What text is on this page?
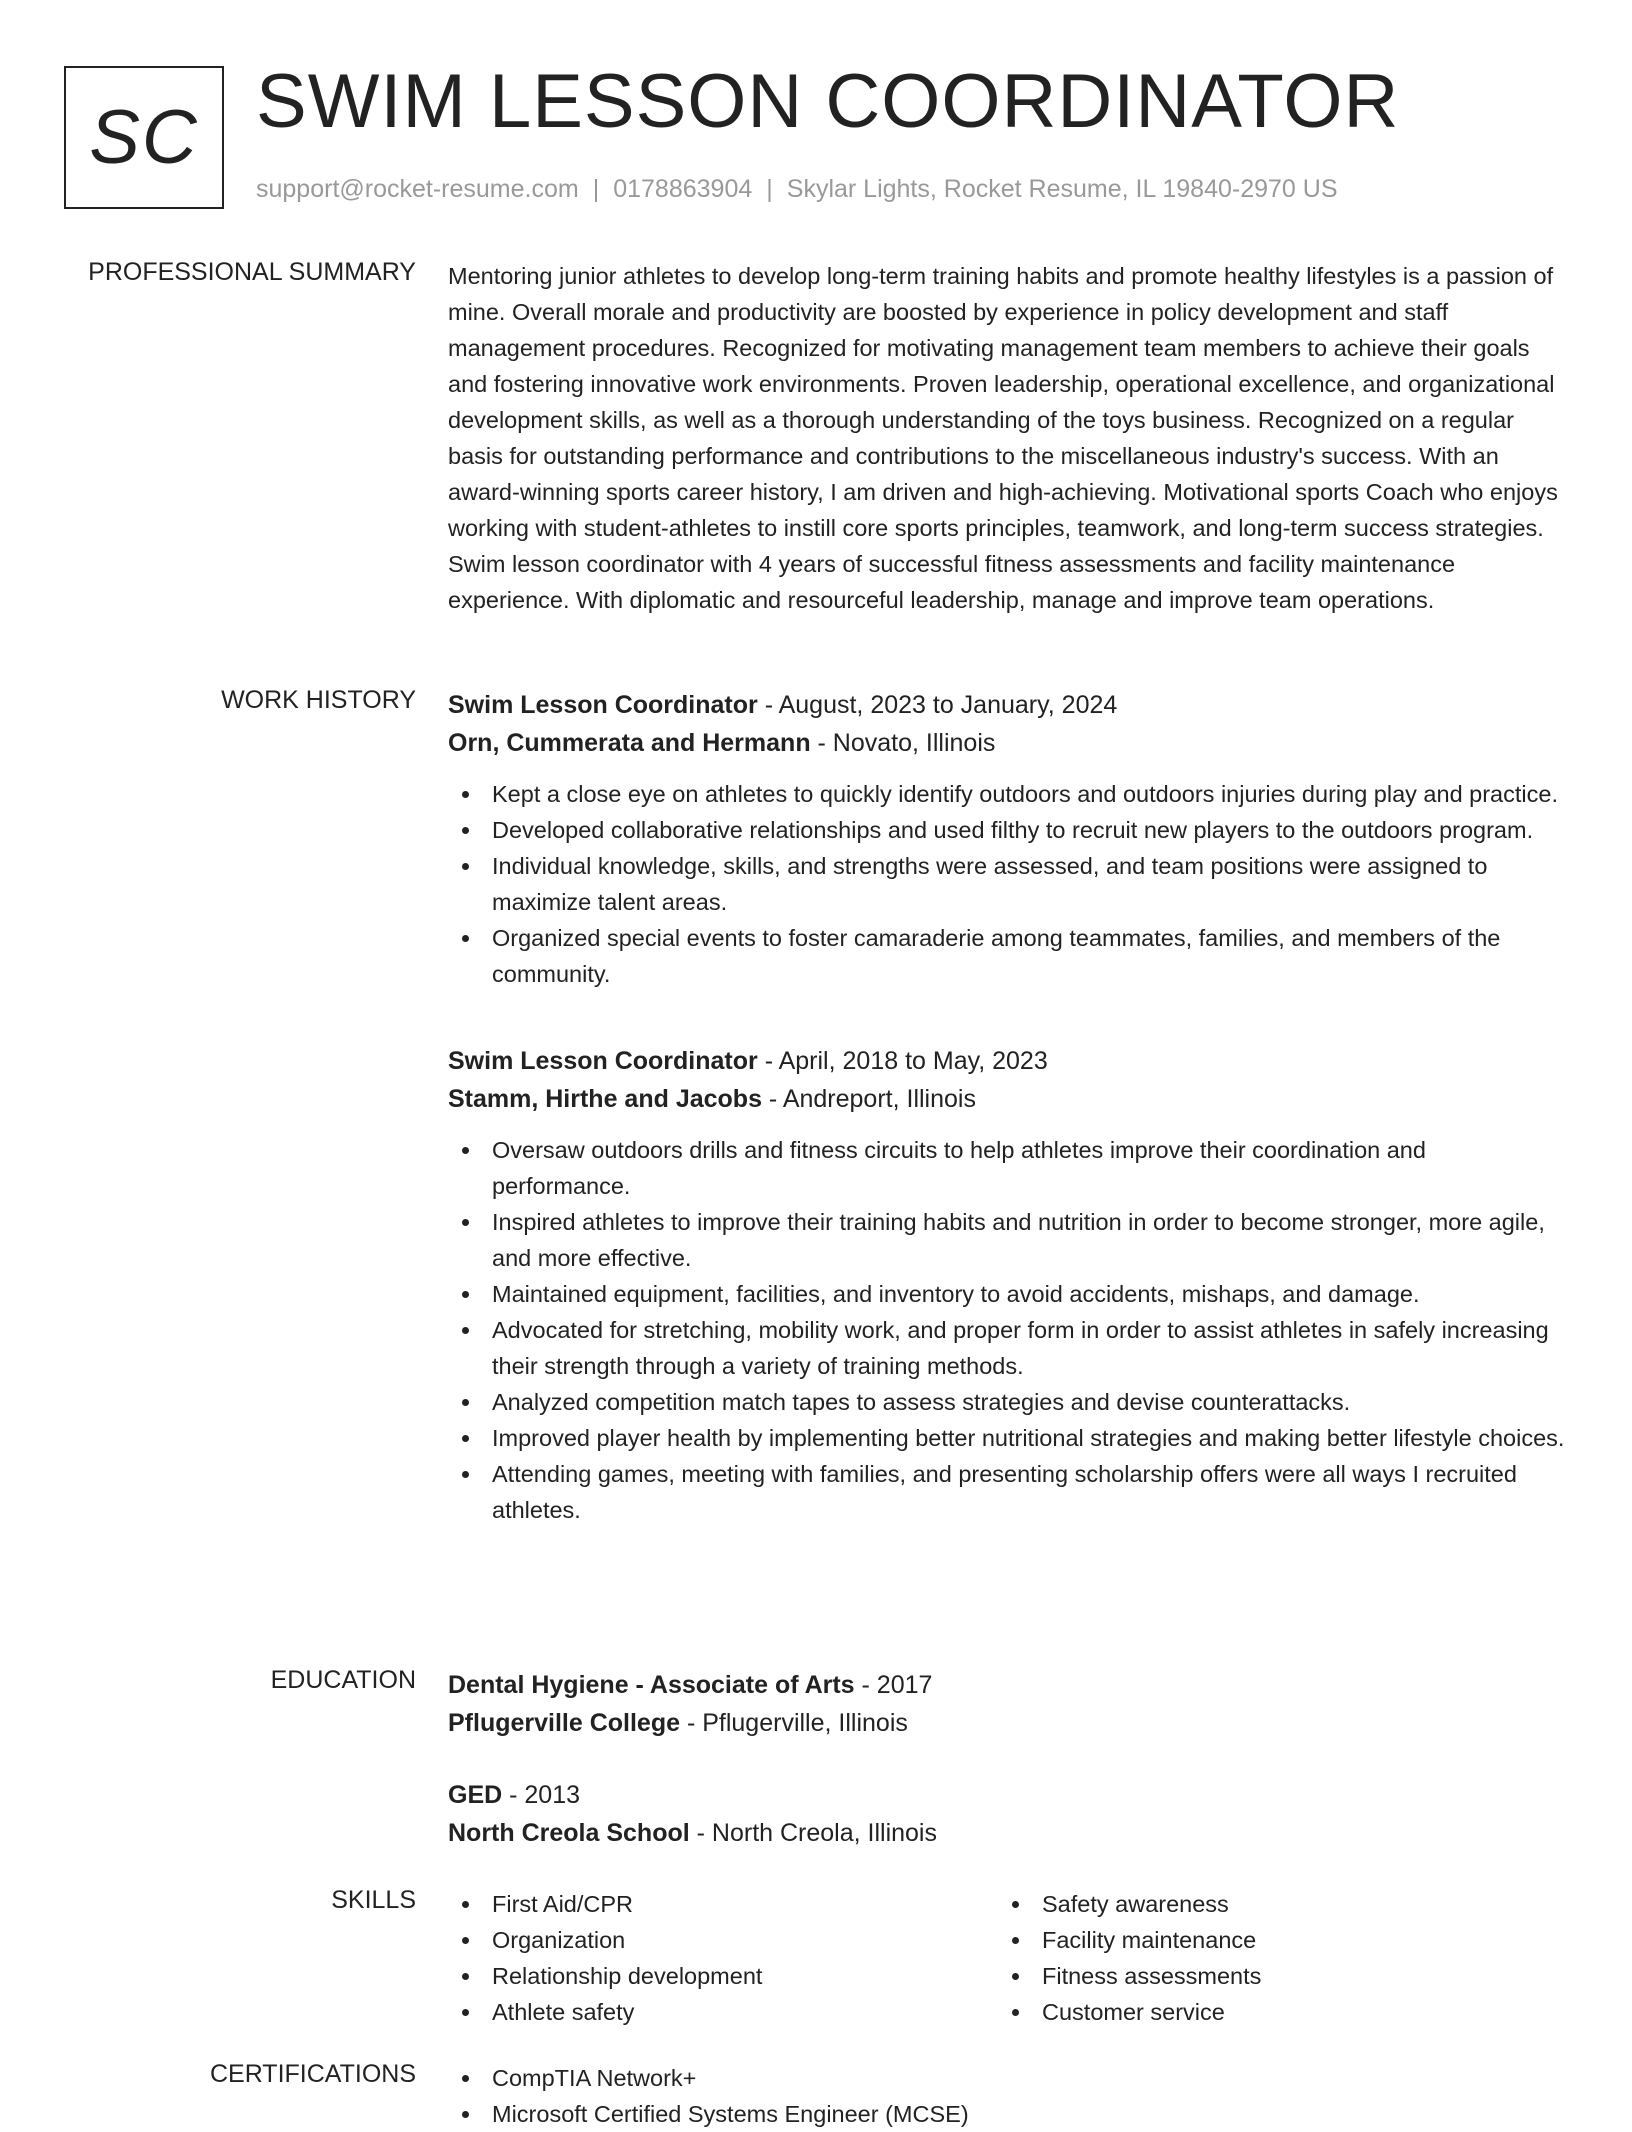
SC SWIM LESSON COORDINATOR
support@rocket-resume.com | 0178863904 | Skylar Lights, Rocket Resume, IL 19840-2970 US
PROFESSIONAL SUMMARY Mentoring junior athletes to develop long-term training habits and promote healthy lifestyles is a passion of mine. Overall morale and productivity are boosted by experience in policy development and staff management procedures. Recognized for motivating management team members to achieve their goals and fostering innovative work environments. Proven leadership, operational excellence, and organizational development skills, as well as a thorough understanding of the toys business. Recognized on a regular basis for outstanding performance and contributions to the miscellaneous industry's success. With an award-winning sports career history, I am driven and high-achieving. Motivational sports Coach who enjoys working with student-athletes to instill core sports principles, teamwork, and long-term success strategies. Swim lesson coordinator with 4 years of successful fitness assessments and facility maintenance experience. With diplomatic and resourceful leadership, manage and improve team operations.
WORK HISTORY Swim Lesson Coordinator - August, 2023 to January, 2024
Orn, Cummerata and Hermann - Novato, Illinois
Kept a close eye on athletes to quickly identify outdoors and outdoors injuries during play and practice.
Developed collaborative relationships and used filthy to recruit new players to the outdoors program.
Individual knowledge, skills, and strengths were assessed, and team positions were assigned to maximize talent areas.
Organized special events to foster camaraderie among teammates, families, and members of the community.
Swim Lesson Coordinator - April, 2018 to May, 2023
Stamm, Hirthe and Jacobs - Andreport, Illinois
Oversaw outdoors drills and fitness circuits to help athletes improve their coordination and performance.
Inspired athletes to improve their training habits and nutrition in order to become stronger, more agile, and more effective.
Maintained equipment, facilities, and inventory to avoid accidents, mishaps, and damage.
Advocated for stretching, mobility work, and proper form in order to assist athletes in safely increasing their strength through a variety of training methods.
Analyzed competition match tapes to assess strategies and devise counterattacks.
Improved player health by implementing better nutritional strategies and making better lifestyle choices.
Attending games, meeting with families, and presenting scholarship offers were all ways I recruited athletes.
EDUCATION Dental Hygiene - Associate of Arts - 2017
Pflugerville College - Pflugerville, Illinois
GED - 2013
North Creola School - North Creola, Illinois
SKILLS	First Aid/CPR
Organization
Relationship development
Athlete safety
Safety awareness
Facility maintenance
Fitness assessments
Customer service
CERTIFICATIONS	CompTIA Network+
Microsoft Certified Systems Engineer (MCSE)
